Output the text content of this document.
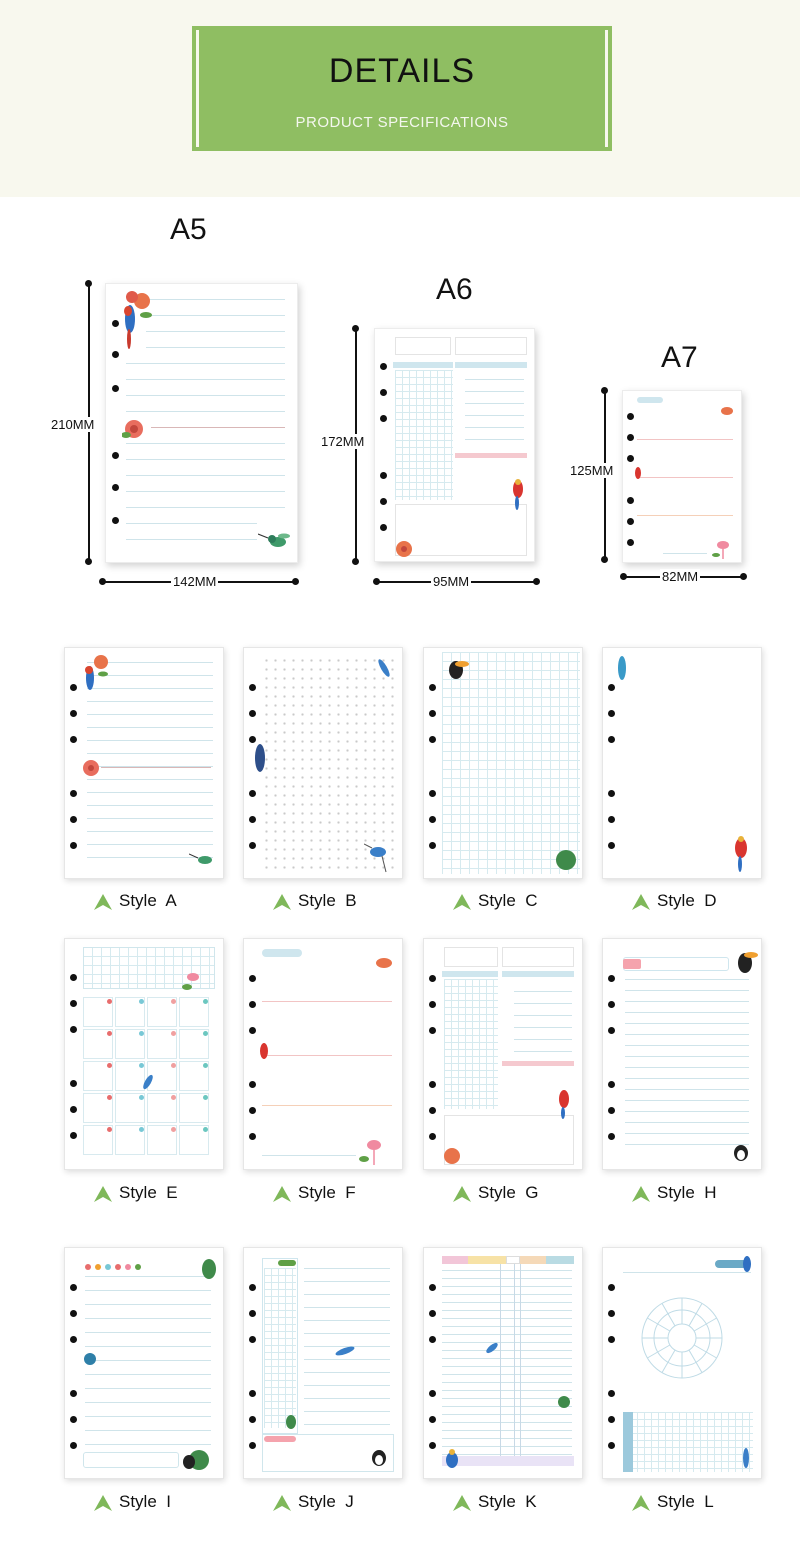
DETAILS
PRODUCT SPECIFICATIONS
A5
210MM
142MM
A6
172MM
95MM
A7
125MM
82MM
Style A	Style B	Style C	Style D
Style E	Style F	Style G	Style H
Style I	Style J	Style K	Style L
